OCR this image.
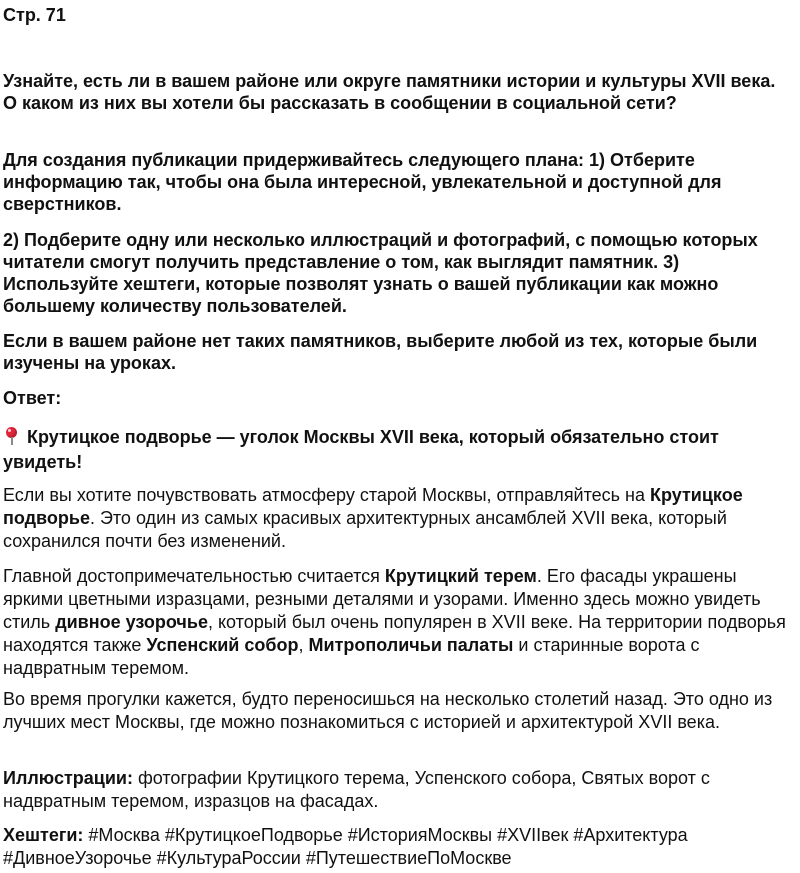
Стр. 71
Узнайте, есть ли в вашем районе или округе памятники истории и культуры XVII века. О каком из них вы хотели бы рассказать в сообщении в социальной сети?
Для создания публикации придерживайтесь следующего плана: 1) Отберите информацию так, чтобы она была интересной, увлекательной и доступной для сверстников.
2) Подберите одну или несколько иллюстраций и фотографий, с помощью которых читатели смогут получить представление о том, как выглядит памятник. 3) Используйте хештеги, которые позволят узнать о вашей публикации как можно большему количеству пользователей.
Если в вашем районе нет таких памятников, выберите любой из тех, которые были изучены на уроках.
Ответ:
Крутицкое подворье — уголок Москвы XVII века, который обязательно стоит увидеть!
Если вы хотите почувствовать атмосферу старой Москвы, отправляйтесь на Крутицкое подворье. Это один из самых красивых архитектурных ансамблей XVII века, который сохранился почти без изменений.
Главной достопримечательностью считается Крутицкий терем. Его фасады украшены яркими цветными изразцами, резными деталями и узорами. Именно здесь можно увидеть стиль дивное узорочье, который был очень популярен в XVII веке. На территории подворья находятся также Успенский собор, Митрополичьи палаты и старинные ворота с надвратным теремом.
Во время прогулки кажется, будто переносишься на несколько столетий назад. Это одно из лучших мест Москвы, где можно познакомиться с историей и архитектурой XVII века.
Иллюстрации: фотографии Крутицкого терема, Успенского собора, Святых ворот с надвратным теремом, изразцов на фасадах.
Хештеги: #Москва #КрутицкоеПодворье #ИсторияМосквы #XVIIвек #Архитектура #ДивноеУзорочье #КультураРоссии #ПутешествиеПоМоскве
